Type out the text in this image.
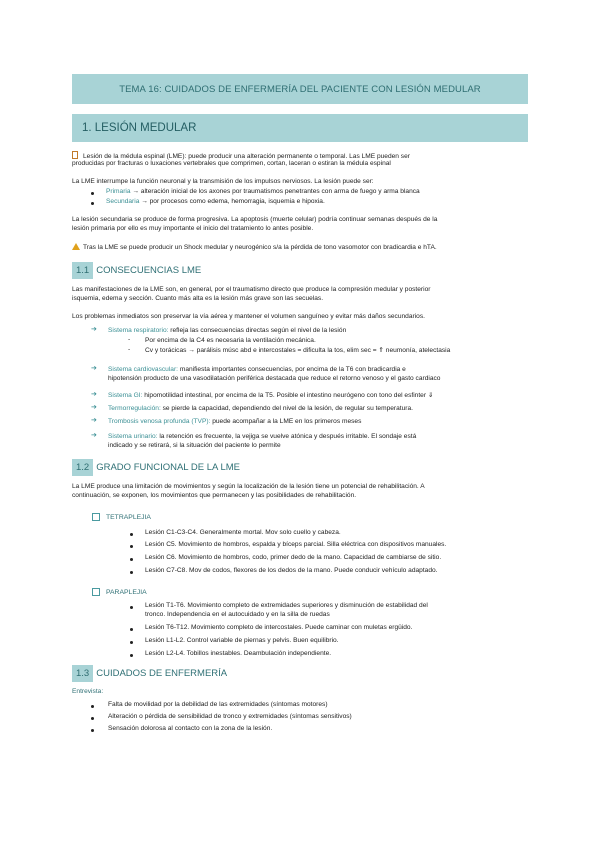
TEMA 16: CUIDADOS DE ENFERMERÍA DEL PACIENTE CON LESIÓN MEDULAR
1. LESIÓN MEDULAR
Lesión de la médula espinal (LME): puede producir una alteración permanente o temporal. Las LME pueden ser
producidas por fracturas o luxaciones vertebrales que comprimen, cortan, laceran o estiran la médula espinal
La LME interrumpe la función neuronal y la transmisión de los impulsos nerviosos. La lesión puede ser:
Primaria → alteración inicial de los axones por traumatismos penetrantes con arma de fuego y arma blanca
Secundaria → por procesos como edema, hemorragia, isquemia e hipoxia.
La lesión secundaria se produce de forma progresiva. La apoptosis (muerte celular) podría continuar semanas después de la
lesión primaria por ello es muy importante el inicio del tratamiento lo antes posible.
Tras la LME se puede producir un Shock medular y neurogénico s/a la pérdida de tono vasomotor con bradicardia e hTA.
1.1 CONSECUENCIAS LME
Las manifestaciones de la LME son, en general, por el traumatismo directo que produce la compresión medular y posterior
isquemia, edema y sección. Cuanto más alta es la lesión más grave son las secuelas.
Los problemas inmediatos son preservar la vía aérea y mantener el volumen sanguíneo y evitar más daños secundarios.
➔ Sistema respiratorio: refleja las consecuencias directas según el nivel de la lesión
- Por encima de la C4 es necesaria la ventilación mecánica.
- Cv y torácicas → parálisis músc abd e intercostales = dificulta la tos, elim sec = ⇑ neumonía, atelectasia
➔ Sistema cardiovascular: manifiesta importantes consecuencias, por encima de la T6 con bradicardia e
hipotensión producto de una vasodilatación periférica destacada que reduce el retorno venoso y el gasto cardiaco
➔ Sistema GI: hipomotilidad intestinal, por encima de la T5. Posible el intestino neurógeno con tono del esfinter ⇓
➔ Termorregulación: se pierde la capacidad, dependiendo del nivel de la lesión, de regular su temperatura.
➔ Trombosis venosa profunda (TVP): puede acompañar a la LME en los primeros meses
➔ Sistema urinario: la retención es frecuente, la vejiga se vuelve atónica y después irritable. El sondaje está
indicado y se retirará, si la situación del paciente lo permite
1.2 GRADO FUNCIONAL DE LA LME
La LME produce una limitación de movimientos y según la localización de la lesión tiene un potencial de rehabilitación. A
continuación, se exponen, los movimientos que permanecen y las posibilidades de rehabilitación.
TETRAPLEJIA
Lesión C1-C3-C4. Generalmente mortal. Mov solo cuello y cabeza.
Lesión C5. Movimiento de hombros, espalda y bíceps parcial. Silla eléctrica con dispositivos manuales.
Lesión C6. Movimiento de hombros, codo, primer dedo de la mano. Capacidad de cambiarse de sitio.
Lesión C7-C8. Mov de codos, flexores de los dedos de la mano. Puede conducir vehículo adaptado.
PARAPLEJIA
Lesión T1-T6. Movimiento completo de extremidades superiores y disminución de estabilidad del
tronco. Independencia en el autocuidado y en la silla de ruedas
Lesión T6-T12. Movimiento completo de intercostales. Puede caminar con muletas ergüido.
Lesión L1-L2. Control variable de piernas y pelvis. Buen equilibrio.
Lesión L2-L4. Tobillos inestables. Deambulación independiente.
1.3 CUIDADOS DE ENFERMERÍA
Entrevista:
Falta de movilidad por la debilidad de las extremidades (síntomas motores)
Alteración o pérdida de sensibilidad de tronco y extremidades (síntomas sensitivos)
Sensación dolorosa al contacto con la zona de la lesión.
